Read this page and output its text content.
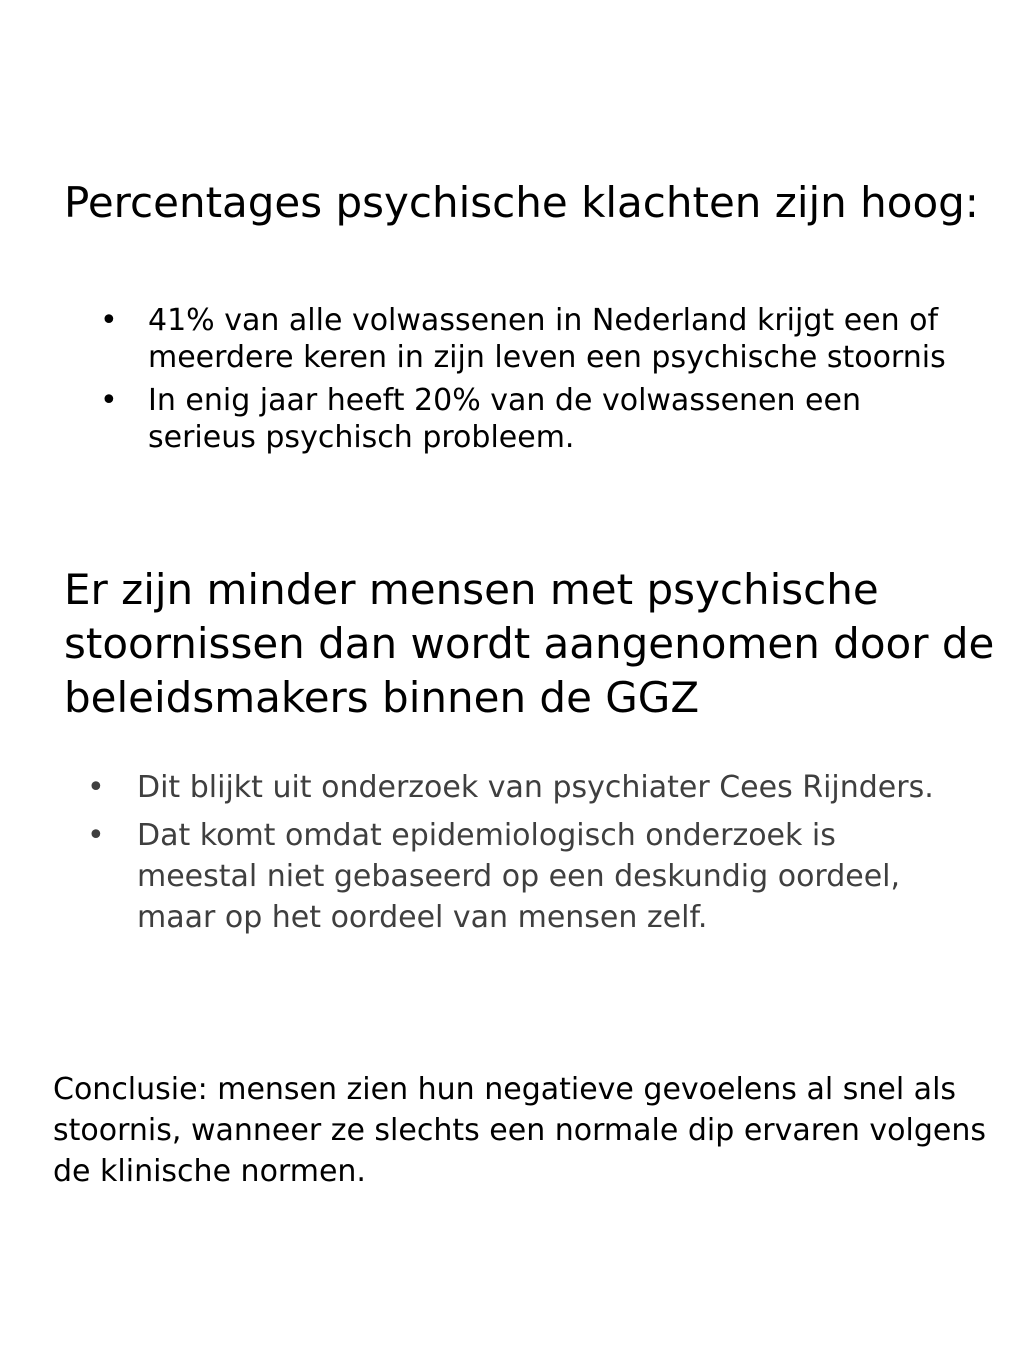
Percentages psychische klachten zijn hoog:
• 41% van alle volwassenen in Nederland krijgt een of meerdere keren in zijn leven een psychische stoornis
• In enig jaar heeft 20% van de volwassenen een serieus psychisch probleem.
Er zijn minder mensen met psychische stoornissen dan wordt aangenomen door de beleidsmakers binnen de GGZ
• Dit blijkt uit onderzoek van psychiater Cees Rijnders.
• Dat komt omdat epidemiologisch onderzoek is meestal niet gebaseerd op een deskundig oordeel, maar op het oordeel van mensen zelf.

Conclusie: mensen zien hun negatieve gevoelens al snel als stoornis, wanneer ze slechts een normale dip ervaren volgens de klinische normen.
